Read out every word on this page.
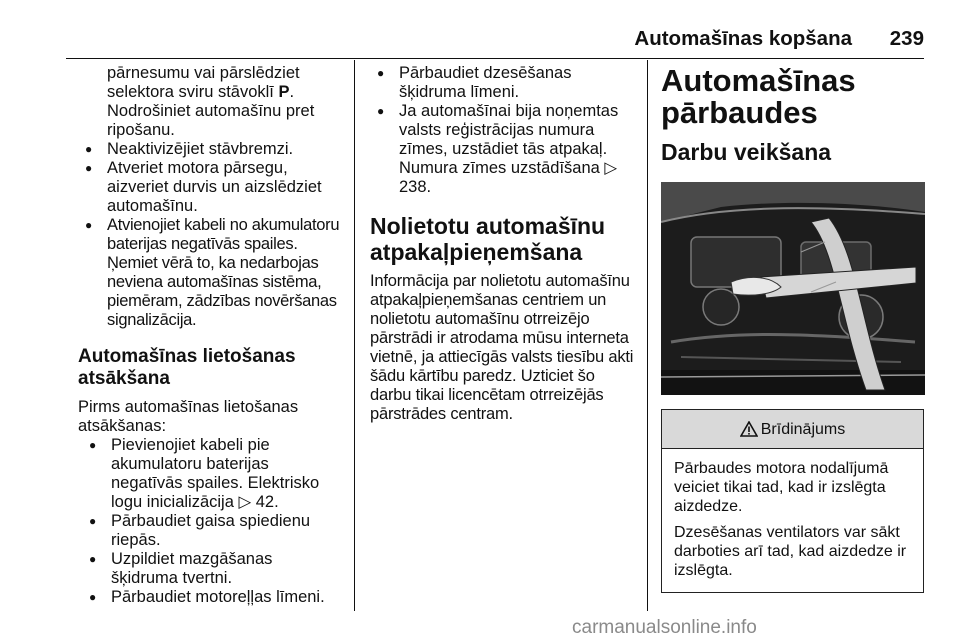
Automašīnas kopšana 239

pārnesumu vai pārslēdziet selektora sviru stāvoklī P. Nodrošiniet automašīnu pret ripošanu.

● Neaktivizējiet stāvbremzi.

● Atveriet motora pārsegu, aizveriet durvis un aizslēdziet automašīnu.

● Atvienojiet kabeli no akumulatoru baterijas negatīvās spailes. Ņemiet vērā to, ka nedarbojas neviena automašīnas sistēma, piemēram, zādzības novēršanas signalizācija.

Automašīnas lietošanas atsākšana

Pirms automašīnas lietošanas atsākšanas:

● Pievienojiet kabeli pie akumulatoru baterijas negatīvās spailes. Elektrisko logu inicializācija ▷ 42.

● Pārbaudiet gaisa spiedienu riepās.

● Uzpildiet mazgāšanas šķidruma tvertni.

● Pārbaudiet motoreļļas līmeni.

● Pārbaudiet dzesēšanas šķidruma līmeni.

● Ja automašīnai bija noņemtas valsts reģistrācijas numura zīmes, uzstādiet tās atpakaļ. Numura zīmes uzstādīšana ▷ 238.

Nolietotu automašīnu atpakaļpieņemšana

Informācija par nolietotu automašīnu atpakaļpieņemšanas centriem un nolietotu automašīnu otrreizējo pārstrādi ir atrodama mūsu interneta vietnē, ja attiecīgās valsts tiesību akti šādu kārtību paredz. Uzticiet šo darbu tikai licencētam otrreizējās pārstrādes centram.

Automašīnas pārbaudes
Darbu veikšana
Brīdinājums

Pārbaudes motora nodalījumā veiciet tikai tad, kad ir izslēgta aizdedze.

Dzesēšanas ventilators var sākt darboties arī tad, kad aizdedze ir izslēgta.

carmanualsonline.info
